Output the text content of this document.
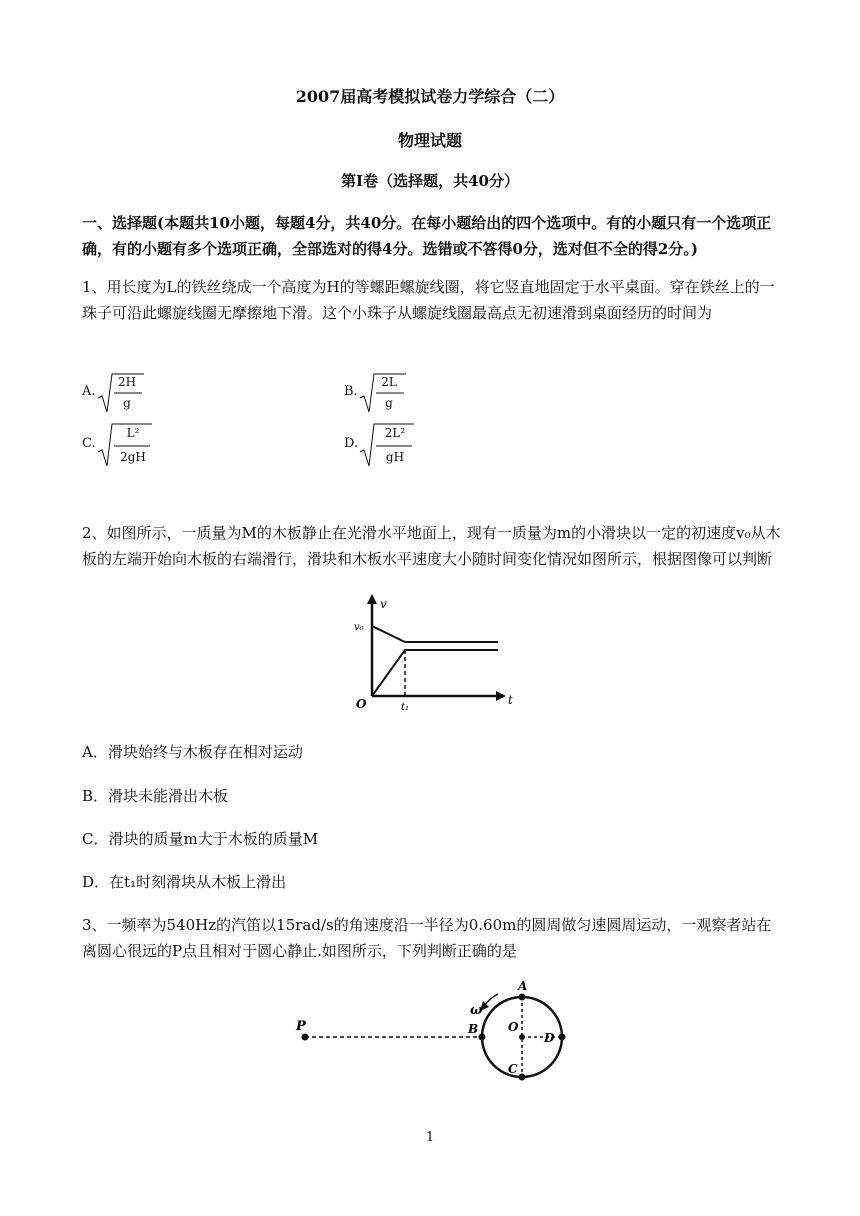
2007届高考模拟试卷力学综合（二）
物理试题
第Ⅰ卷（选择题，共40分）
一、选择题(本题共10小题，每题4分，共40分。在每小题给出的四个选项中。有的小题只有一个选项正确，有的小题有多个选项正确，全部选对的得4分。选错或不答得0分，选对但不全的得2分。)
1、用长度为L的铁丝绕成一个高度为H的等螺距螺旋线圈，将它竖直地固定于水平桌面。穿在铁丝上的一珠子可沿此螺旋线圈无摩擦地下滑。这个小珠子从螺旋线圈最高点无初速滑到桌面经历的时间为
A.
2H
g
B.
2L
g
C.
L²
2gH
D.
2L²
gH
2、如图所示，一质量为M的木板静止在光滑水平地面上，现有一质量为m的小滑块以一定的初速度v₀从木板的左端开始向木板的右端滑行，滑块和木板水平速度大小随时间变化情况如图所示，根据图像可以判断
v
t
v₀
O	t₁
A．滑块始终与木板存在相对运动
B．滑块未能滑出木板
C．滑块的质量m大于木板的质量M
D．在t₁时刻滑块从木板上滑出
3、一频率为540Hz的汽笛以15rad/s的角速度沿一半径为0.60m的圆周做匀速圆周运动，一观察者站在离圆心很远的P点且相对于圆心静止.如图所示，下列判断正确的是
P
A
B O
C
D
ω
1
